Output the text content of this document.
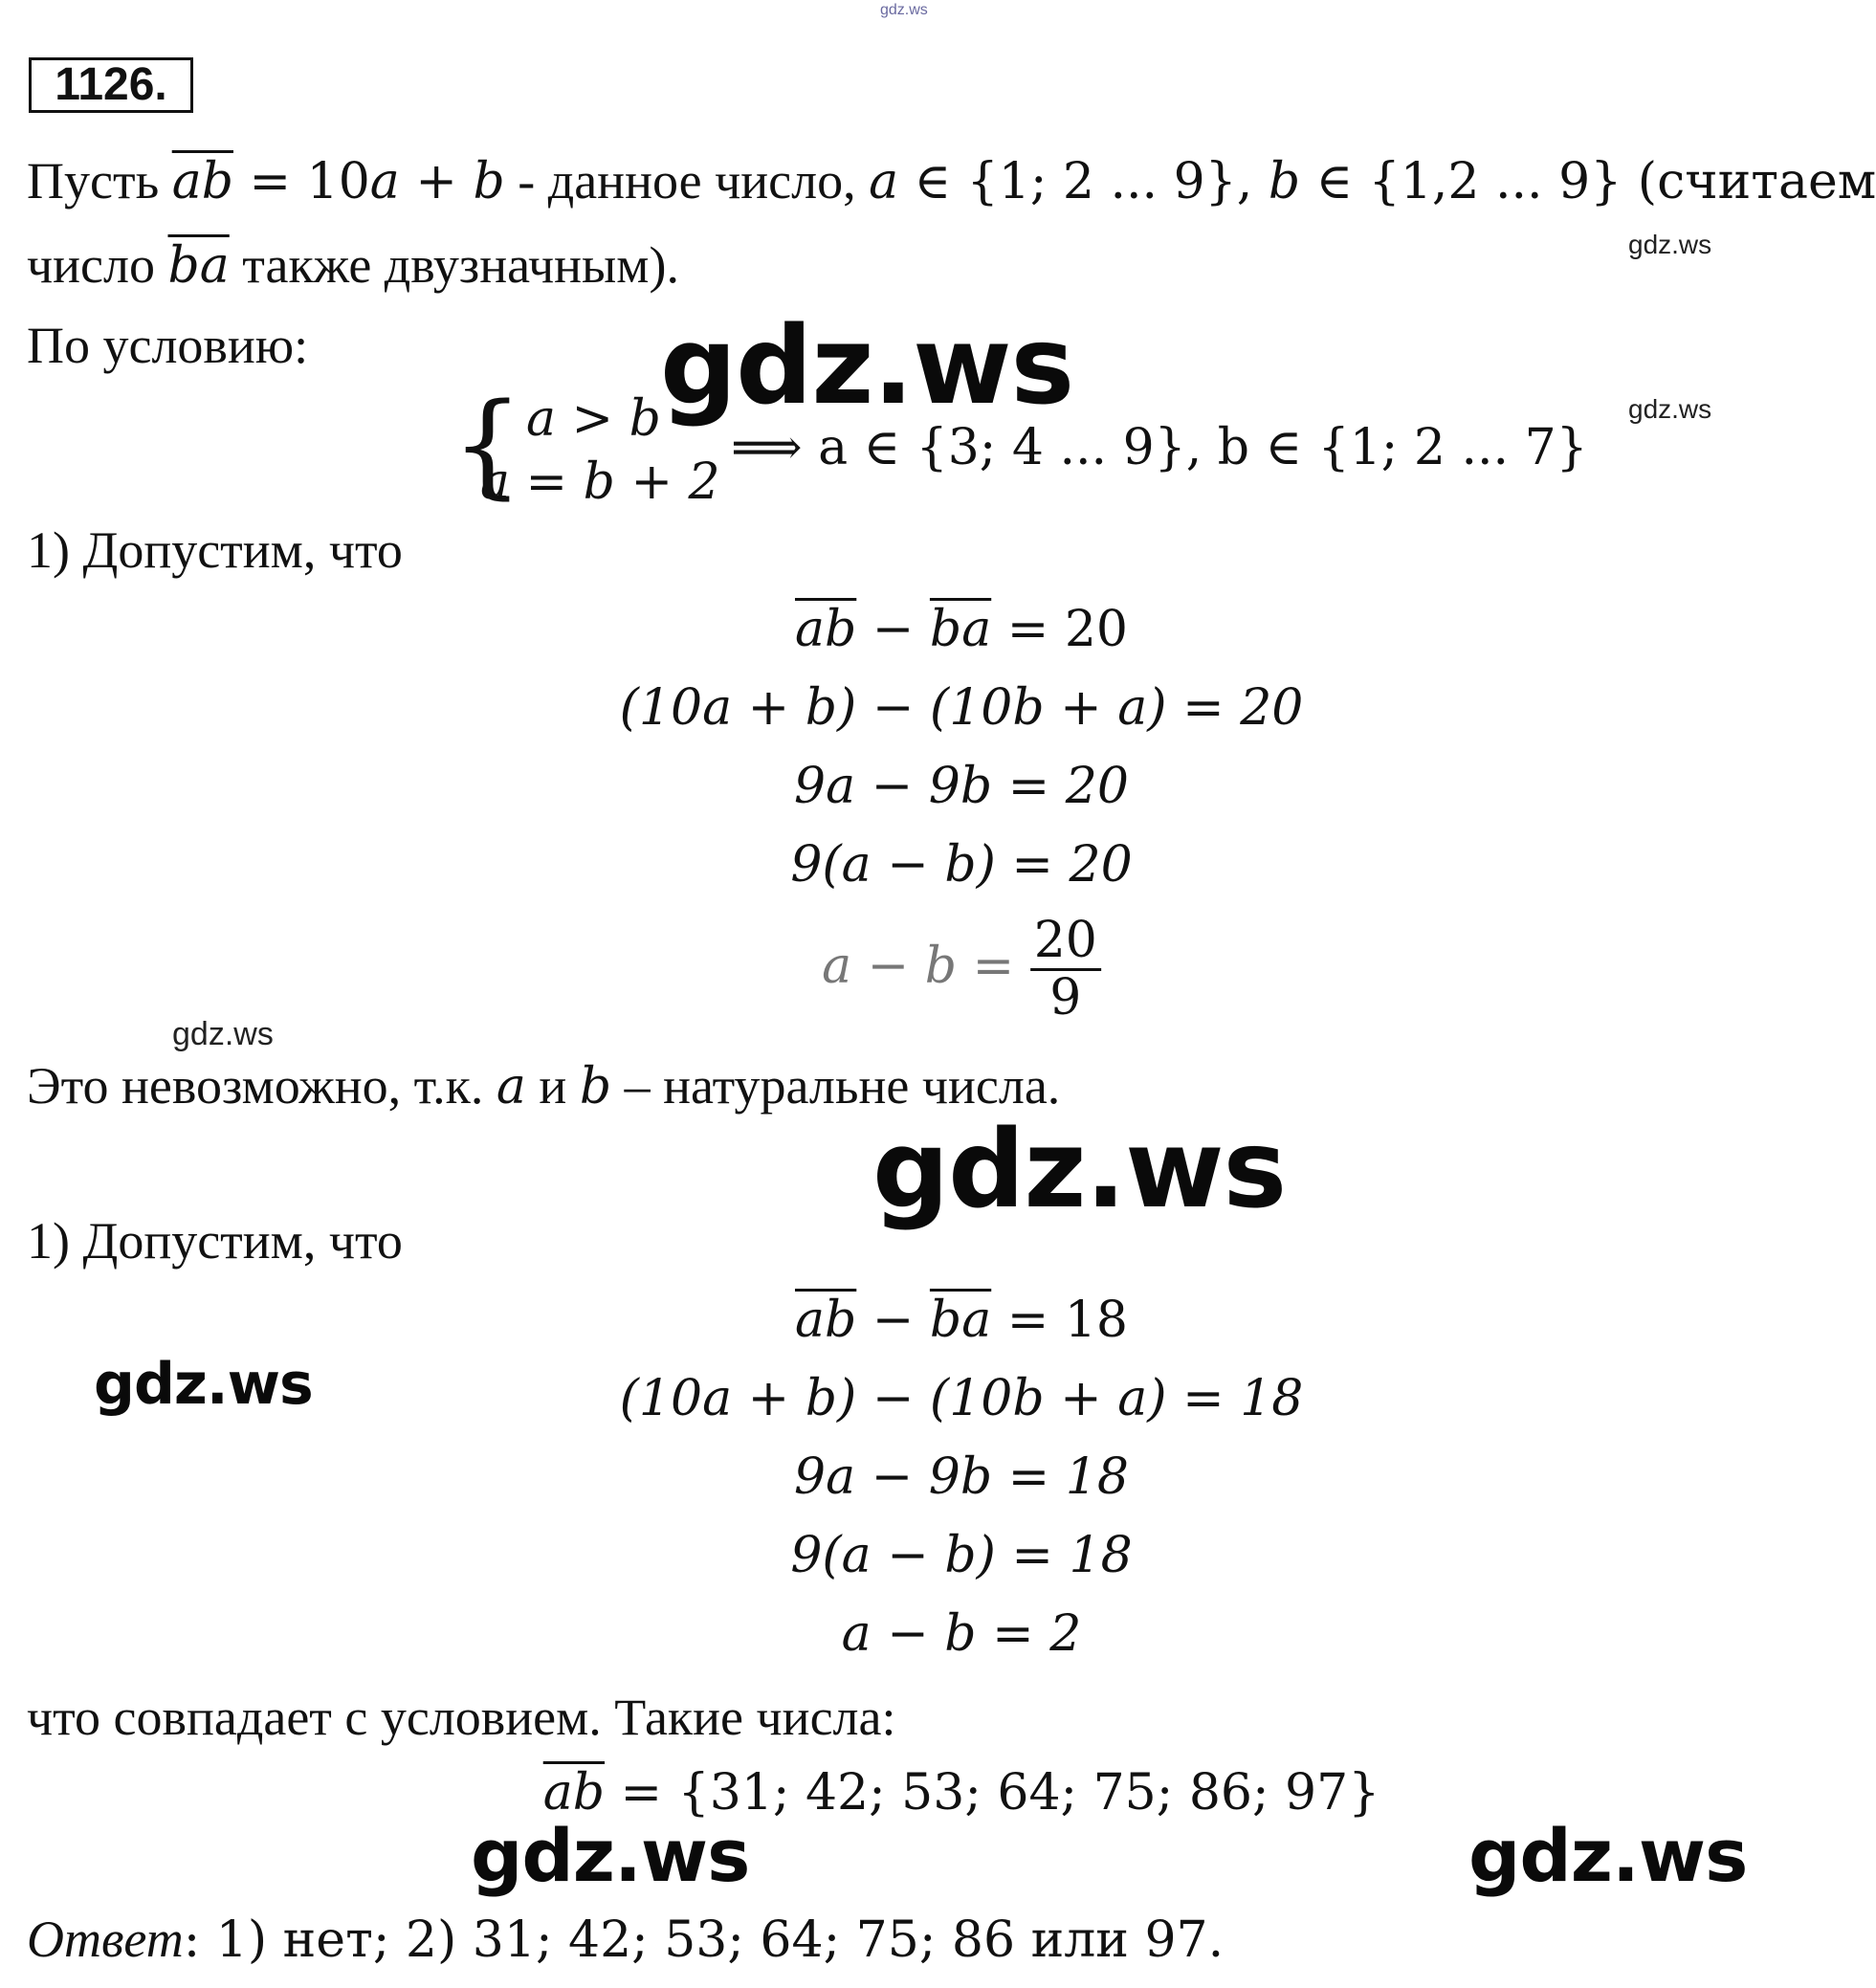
gdz.ws
1126.
Пусть $\overline{ab} = 10a + b$ - данное число, a ∈ {1; 2 ... 9}, b ∈ {1,2 ... 9} (считаем
число $\overline{ba}$ также двузначным).	gdz.ws
По условию:	gdz.ws	gdz.ws
{ a > b
a = b + 2
⟹ a ∈ {3; 4 ... 9}, b ∈ {1; 2 ... 7}
1) Допустим, что
$\overline{ab} - \overline{ba} = 20$
(10a + b) − (10b + a) = 20
9a − 9b = 20
9(a − b) = 20
$a - b = \frac{20}{9}$
gdz.ws
Это невозможно, т.к. a и b – натуральне числа.
gdz.ws
1) Допустим, что
$\overline{ab} - \overline{ba} = 18$
gdz.ws	(10a + b) − (10b + a) = 18
9a − 9b = 18
9(a − b) = 18
a − b = 2
что совпадает с условием. Такие числа:
$\overline{ab} = \{31$; 42; 53; 64; 75; 86; 97}
gdz.ws	gdz.ws
Ответ: 1) нет; 2) 31; 42; 53; 64; 75; 86 или 97.
